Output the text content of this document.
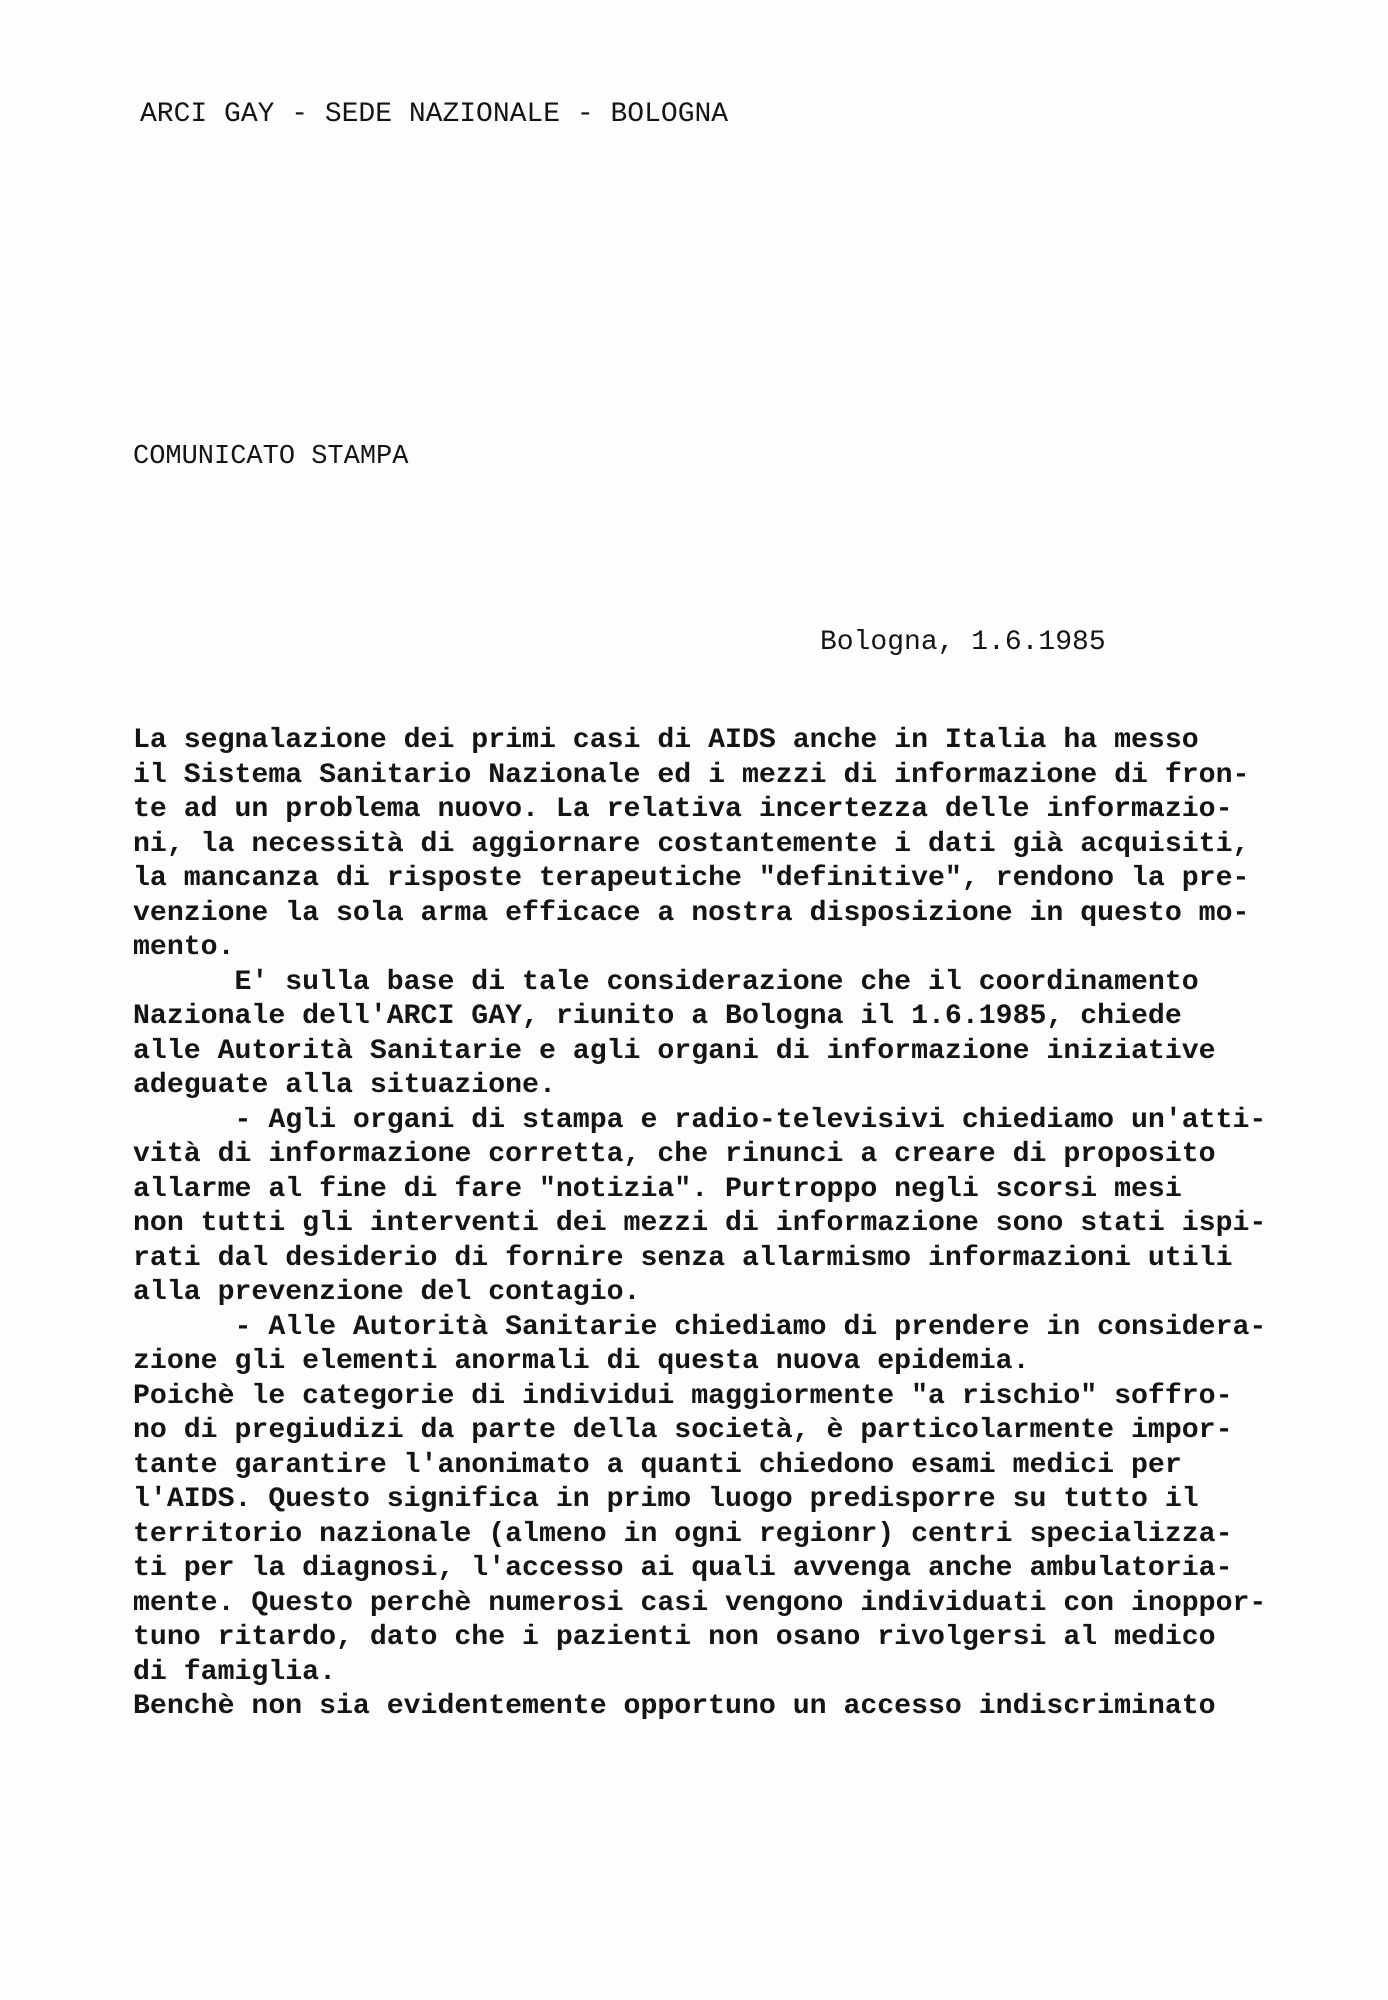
ARCI GAY - SEDE NAZIONALE - BOLOGNA
COMUNICATO STAMPA
Bologna, 1.6.1985
La segnalazione dei primi casi di AIDS anche in Italia ha messo
il Sistema Sanitario Nazionale ed i mezzi di informazione di fron-
te ad un problema nuovo. La relativa incertezza delle informazio-
ni, la necessità di aggiornare costantemente i dati già acquisiti,
la mancanza di risposte terapeutiche "definitive", rendono la pre-
venzione la sola arma efficace a nostra disposizione in questo mo-
mento.
E' sulla base di tale considerazione che il coordinamento
Nazionale dell'ARCI GAY, riunito a Bologna il 1.6.1985, chiede
alle Autorità Sanitarie e agli organi di informazione iniziative
adeguate alla situazione.
- Agli organi di stampa e radio-televisivi chiediamo un'atti-
vità di informazione corretta, che rinunci a creare di proposito
allarme al fine di fare "notizia". Purtroppo negli scorsi mesi
non tutti gli interventi dei mezzi di informazione sono stati ispi-
rati dal desiderio di fornire senza allarmismo informazioni utili
alla prevenzione del contagio.
- Alle Autorità Sanitarie chiediamo di prendere in considera-
zione gli elementi anormali di questa nuova epidemia.
Poichè le categorie di individui maggiormente "a rischio" soffro-
no di pregiudizi da parte della società, è particolarmente impor-
tante garantire l'anonimato a quanti chiedono esami medici per
l'AIDS. Questo significa in primo luogo predisporre su tutto il
territorio nazionale (almeno in ogni regionr) centri specializza-
ti per la diagnosi, l'accesso ai quali avvenga anche ambulatoria-
mente. Questo perchè numerosi casi vengono individuati con inoppor-
tuno ritardo, dato che i pazienti non osano rivolgersi al medico
di famiglia.
Benchè non sia evidentemente opportuno un accesso indiscriminato
